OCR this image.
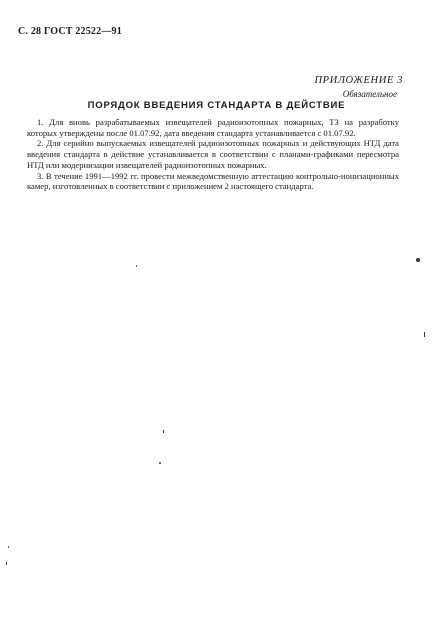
С. 28 ГОСТ 22522—91
ПРИЛОЖЕНИЕ 3
Обязательное
ПОРЯДОК ВВЕДЕНИЯ СТАНДАРТА В ДЕЙСТВИЕ

1. Для вновь разрабатываемых извещателей радиоизотопных пожарных, ТЗ на разработку которых утверждены после 01.07.92, дата введения стандарта устанавливается с 01.07.92.

2. Для серийно выпускаемых извещателей радиоизотопных пожарных и действующих НТД дата введения стандарта в действие устанавливается в соответствии с планами-графиками пересмотра НТД или модернизации извещателей радиоизотопных пожарных.

3. В течение 1991—1992 гг. провести межведомственную аттестацию контрольно-ионизационных камер, изготовленных в соответствии с приложением 2 настоящего стандарта.
